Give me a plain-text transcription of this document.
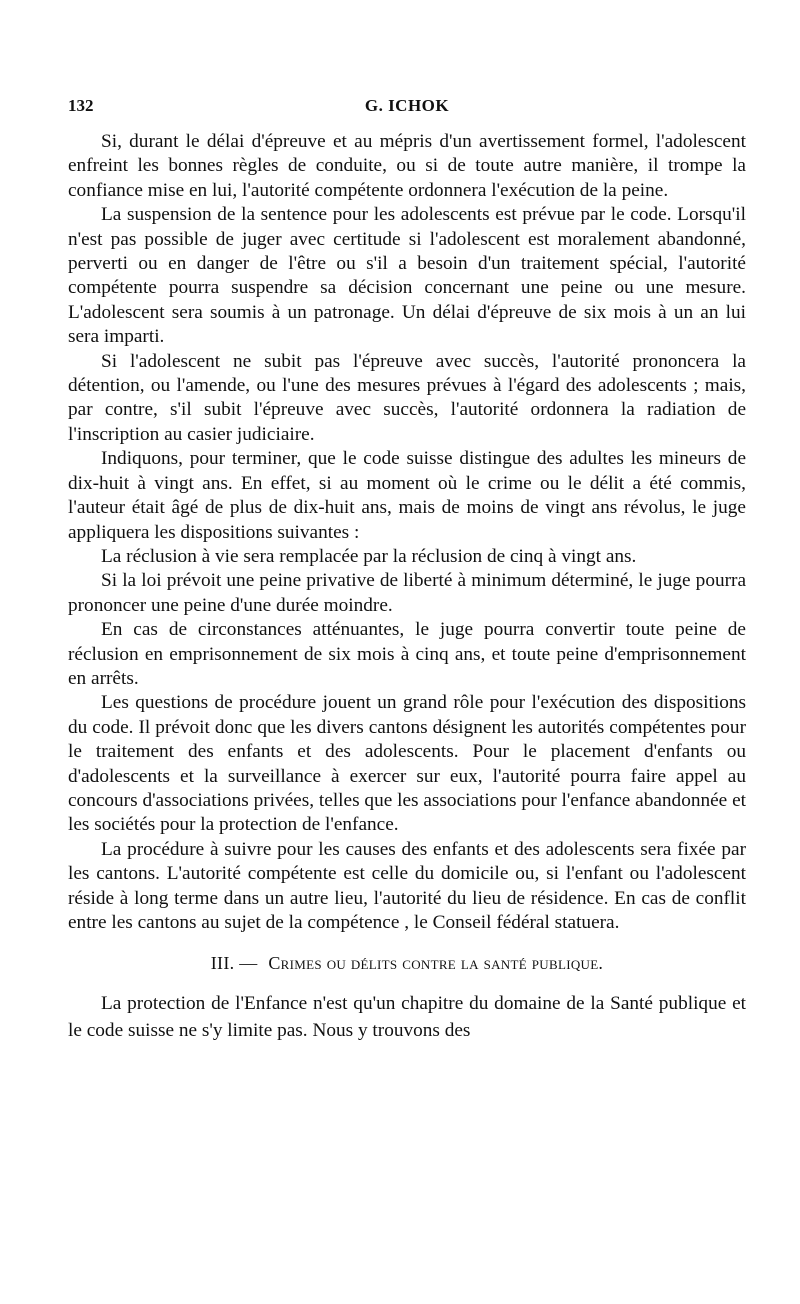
132	G. ICHOK

Si, durant le délai d'épreuve et au mépris d'un avertissement formel, l'adolescent enfreint les bonnes règles de conduite, ou si de toute autre manière, il trompe la confiance mise en lui, l'autorité compétente ordonnera l'exécution de la peine.

La suspension de la sentence pour les adolescents est prévue par le code. Lorsqu'il n'est pas possible de juger avec certitude si l'adolescent est moralement abandonné, perverti ou en danger de l'être ou s'il a besoin d'un traitement spécial, l'autorité compétente pourra suspendre sa décision concernant une peine ou une mesure. L'adolescent sera soumis à un patronage. Un délai d'épreuve de six mois à un an lui sera imparti.

Si l'adolescent ne subit pas l'épreuve avec succès, l'autorité prononcera la détention, ou l'amende, ou l'une des mesures prévues à l'égard des adolescents ; mais, par contre, s'il subit l'épreuve avec succès, l'autorité ordonnera la radiation de l'inscription au casier judiciaire.

Indiquons, pour terminer, que le code suisse distingue des adultes les mineurs de dix-huit à vingt ans. En effet, si au moment où le crime ou le délit a été commis, l'auteur était âgé de plus de dix-huit ans, mais de moins de vingt ans révolus, le juge appliquera les dispositions suivantes :

La réclusion à vie sera remplacée par la réclusion de cinq à vingt ans.

Si la loi prévoit une peine privative de liberté à minimum déterminé, le juge pourra prononcer une peine d'une durée moindre.

En cas de circonstances atténuantes, le juge pourra convertir toute peine de réclusion en emprisonnement de six mois à cinq ans, et toute peine d'emprisonnement en arrêts.

Les questions de procédure jouent un grand rôle pour l'exécution des dispositions du code. Il prévoit donc que les divers cantons désignent les autorités compétentes pour le traitement des enfants et des adolescents. Pour le placement d'enfants ou d'adolescents et la surveillance à exercer sur eux, l'autorité pourra faire appel au concours d'associations privées, telles que les associations pour l'enfance abandonnée et les sociétés pour la protection de l'enfance.

La procédure à suivre pour les causes des enfants et des adolescents sera fixée par les cantons. L'autorité compétente est celle du domicile ou, si l'enfant ou l'adolescent réside à long terme dans un autre lieu, l'autorité du lieu de résidence. En cas de conflit entre les cantons au sujet de la compétence , le Conseil fédéral statuera.

III. — Crimes ou délits contre la santé publique.

La protection de l'Enfance n'est qu'un chapitre du domaine de la Santé publique et le code suisse ne s'y limite pas. Nous y trouvons des
